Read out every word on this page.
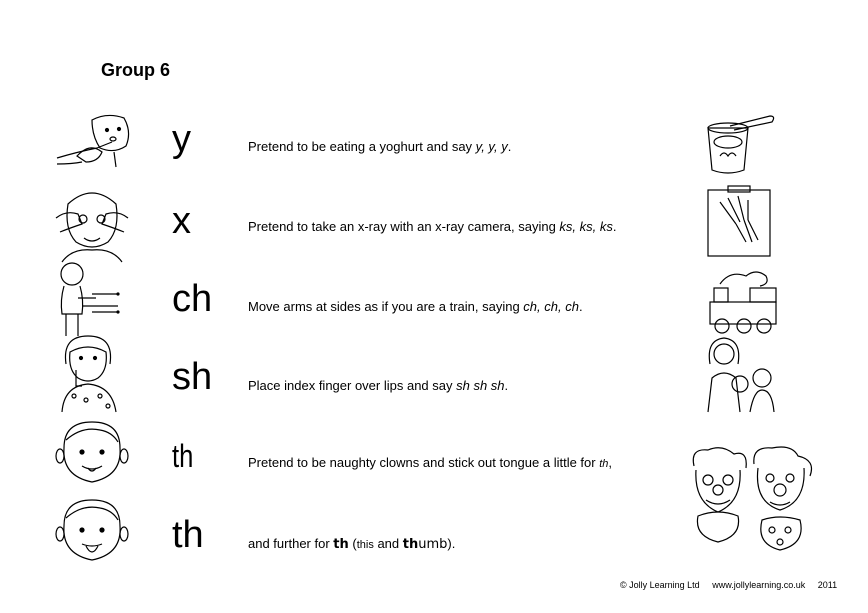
Group 6
y	Pretend to be eating a yoghurt and say y, y, y.
x	Pretend to take an x-ray with an x-ray camera, saying ks, ks, ks.
ch	Move arms at sides as if you are a train, saying ch, ch, ch.
sh	Place index finger over lips and say sh sh sh.
th	Pretend to be naughty clowns and stick out tongue a little for th,
th	and further for th (this and thumb).
© Jolly Learning Ltd www.jollylearning.co.uk 2011
